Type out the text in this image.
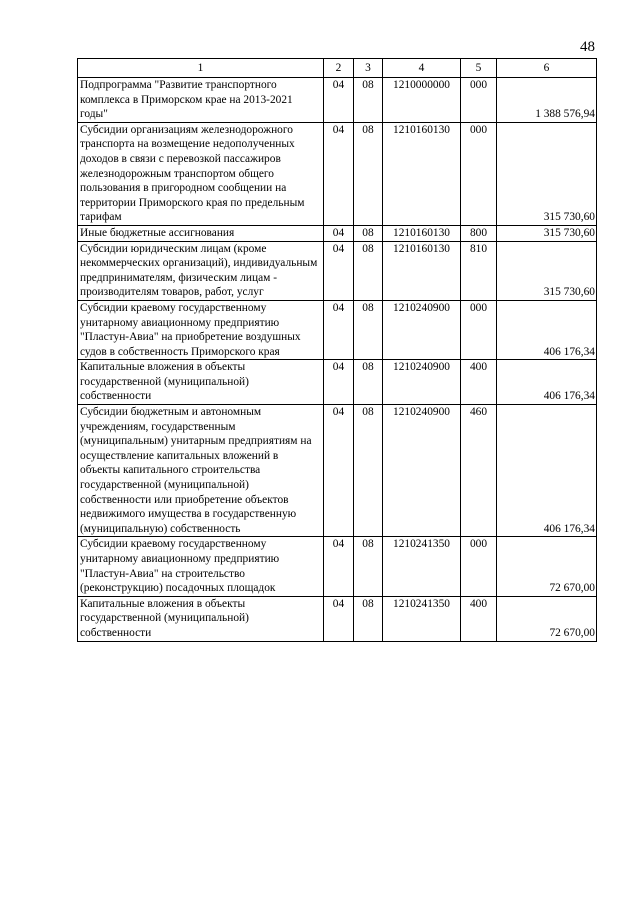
48
1	2	3	4	5	6
Подпрограмма "Развитие транспортного комплекса в Приморском крае на 2013-2021 годы"	04	08	1210000000	000	1 388 576,94
Субсидии организациям железнодорожного транспорта на возмещение недополученных доходов в связи с перевозкой пассажиров железнодорожным транспортом общего пользования в пригородном сообщении на территории Приморского края по предельным тарифам	04	08	1210160130	000	315 730,60
Иные бюджетные ассигнования	04	08	1210160130	800	315 730,60
Субсидии юридическим лицам (кроме некоммерческих организаций), индивидуальным предпринимателям, физическим лицам - производителям товаров, работ, услуг	04	08	1210160130	810	315 730,60
Субсидии краевому государственному унитарному авиационному предприятию "Пластун-Авиа" на приобретение воздушных судов в собственность Приморского края	04	08	1210240900	000	406 176,34
Капитальные вложения в объекты государственной (муниципальной) собственности	04	08	1210240900	400	406 176,34
Субсидии бюджетным и автономным учреждениям, государственным (муниципальным) унитарным предприятиям на осуществление капитальных вложений в объекты капитального строительства государственной (муниципальной) собственности или приобретение объектов недвижимого имущества в государственную (муниципальную) собственность	04	08	1210240900	460	406 176,34
Субсидии краевому государственному унитарному авиационному предприятию "Пластун-Авиа" на строительство (реконструкцию) посадочных площадок	04	08	1210241350	000	72 670,00
Капитальные вложения в объекты государственной (муниципальной) собственности	04	08	1210241350	400	72 670,00
